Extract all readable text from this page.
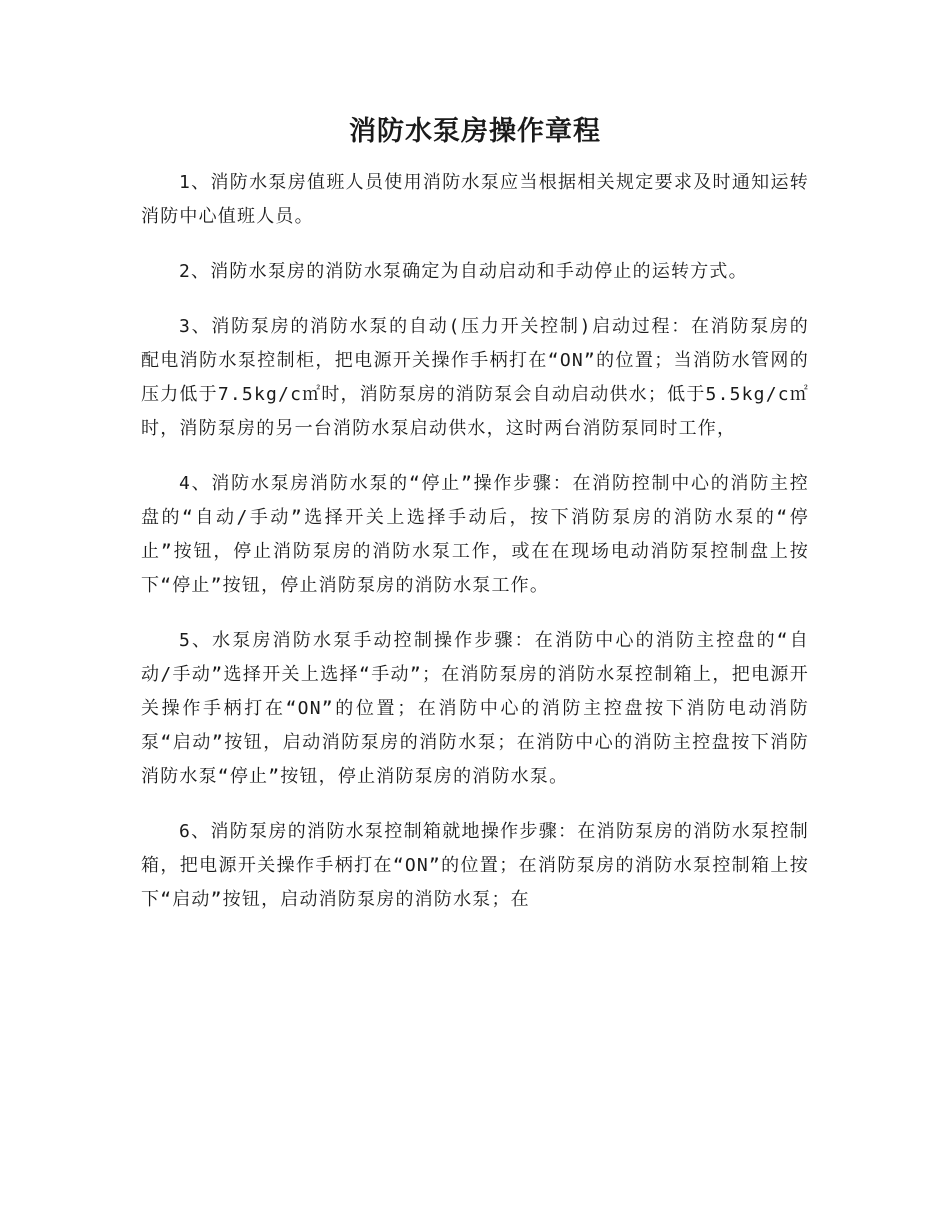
消防水泵房操作章程

1、消防水泵房值班人员使用消防水泵应当根据相关规定要求及时通知运转消防中心值班人员。

2、消防水泵房的消防水泵确定为自动启动和手动停止的运转方式。

3、消防泵房的消防水泵的自动(压力开关控制)启动过程：在消防泵房的配电消防水泵控制柜，把电源开关操作手柄打在“ON”的位置；当消防水管网的压力低于7.5kg/c㎡时，消防泵房的消防泵会自动启动供水；低于5.5kg/c㎡时，消防泵房的另一台消防水泵启动供水，这时两台消防泵同时工作，

4、消防水泵房消防水泵的“停止”操作步骤：在消防控制中心的消防主控盘的“自动/手动”选择开关上选择手动后，按下消防泵房的消防水泵的“停止”按钮，停止消防泵房的消防水泵工作，或在在现场电动消防泵控制盘上按下“停止”按钮，停止消防泵房的消防水泵工作。

5、水泵房消防水泵手动控制操作步骤：在消防中心的消防主控盘的“自动/手动”选择开关上选择“手动”；在消防泵房的消防水泵控制箱上，把电源开关操作手柄打在“ON”的位置；在消防中心的消防主控盘按下消防电动消防泵“启动”按钮，启动消防泵房的消防水泵；在消防中心的消防主控盘按下消防消防水泵“停止”按钮，停止消防泵房的消防水泵。

6、消防泵房的消防水泵控制箱就地操作步骤：在消防泵房的消防水泵控制箱，把电源开关操作手柄打在“ON”的位置；在消防泵房的消防水泵控制箱上按下“启动”按钮，启动消防泵房的消防水泵；在
